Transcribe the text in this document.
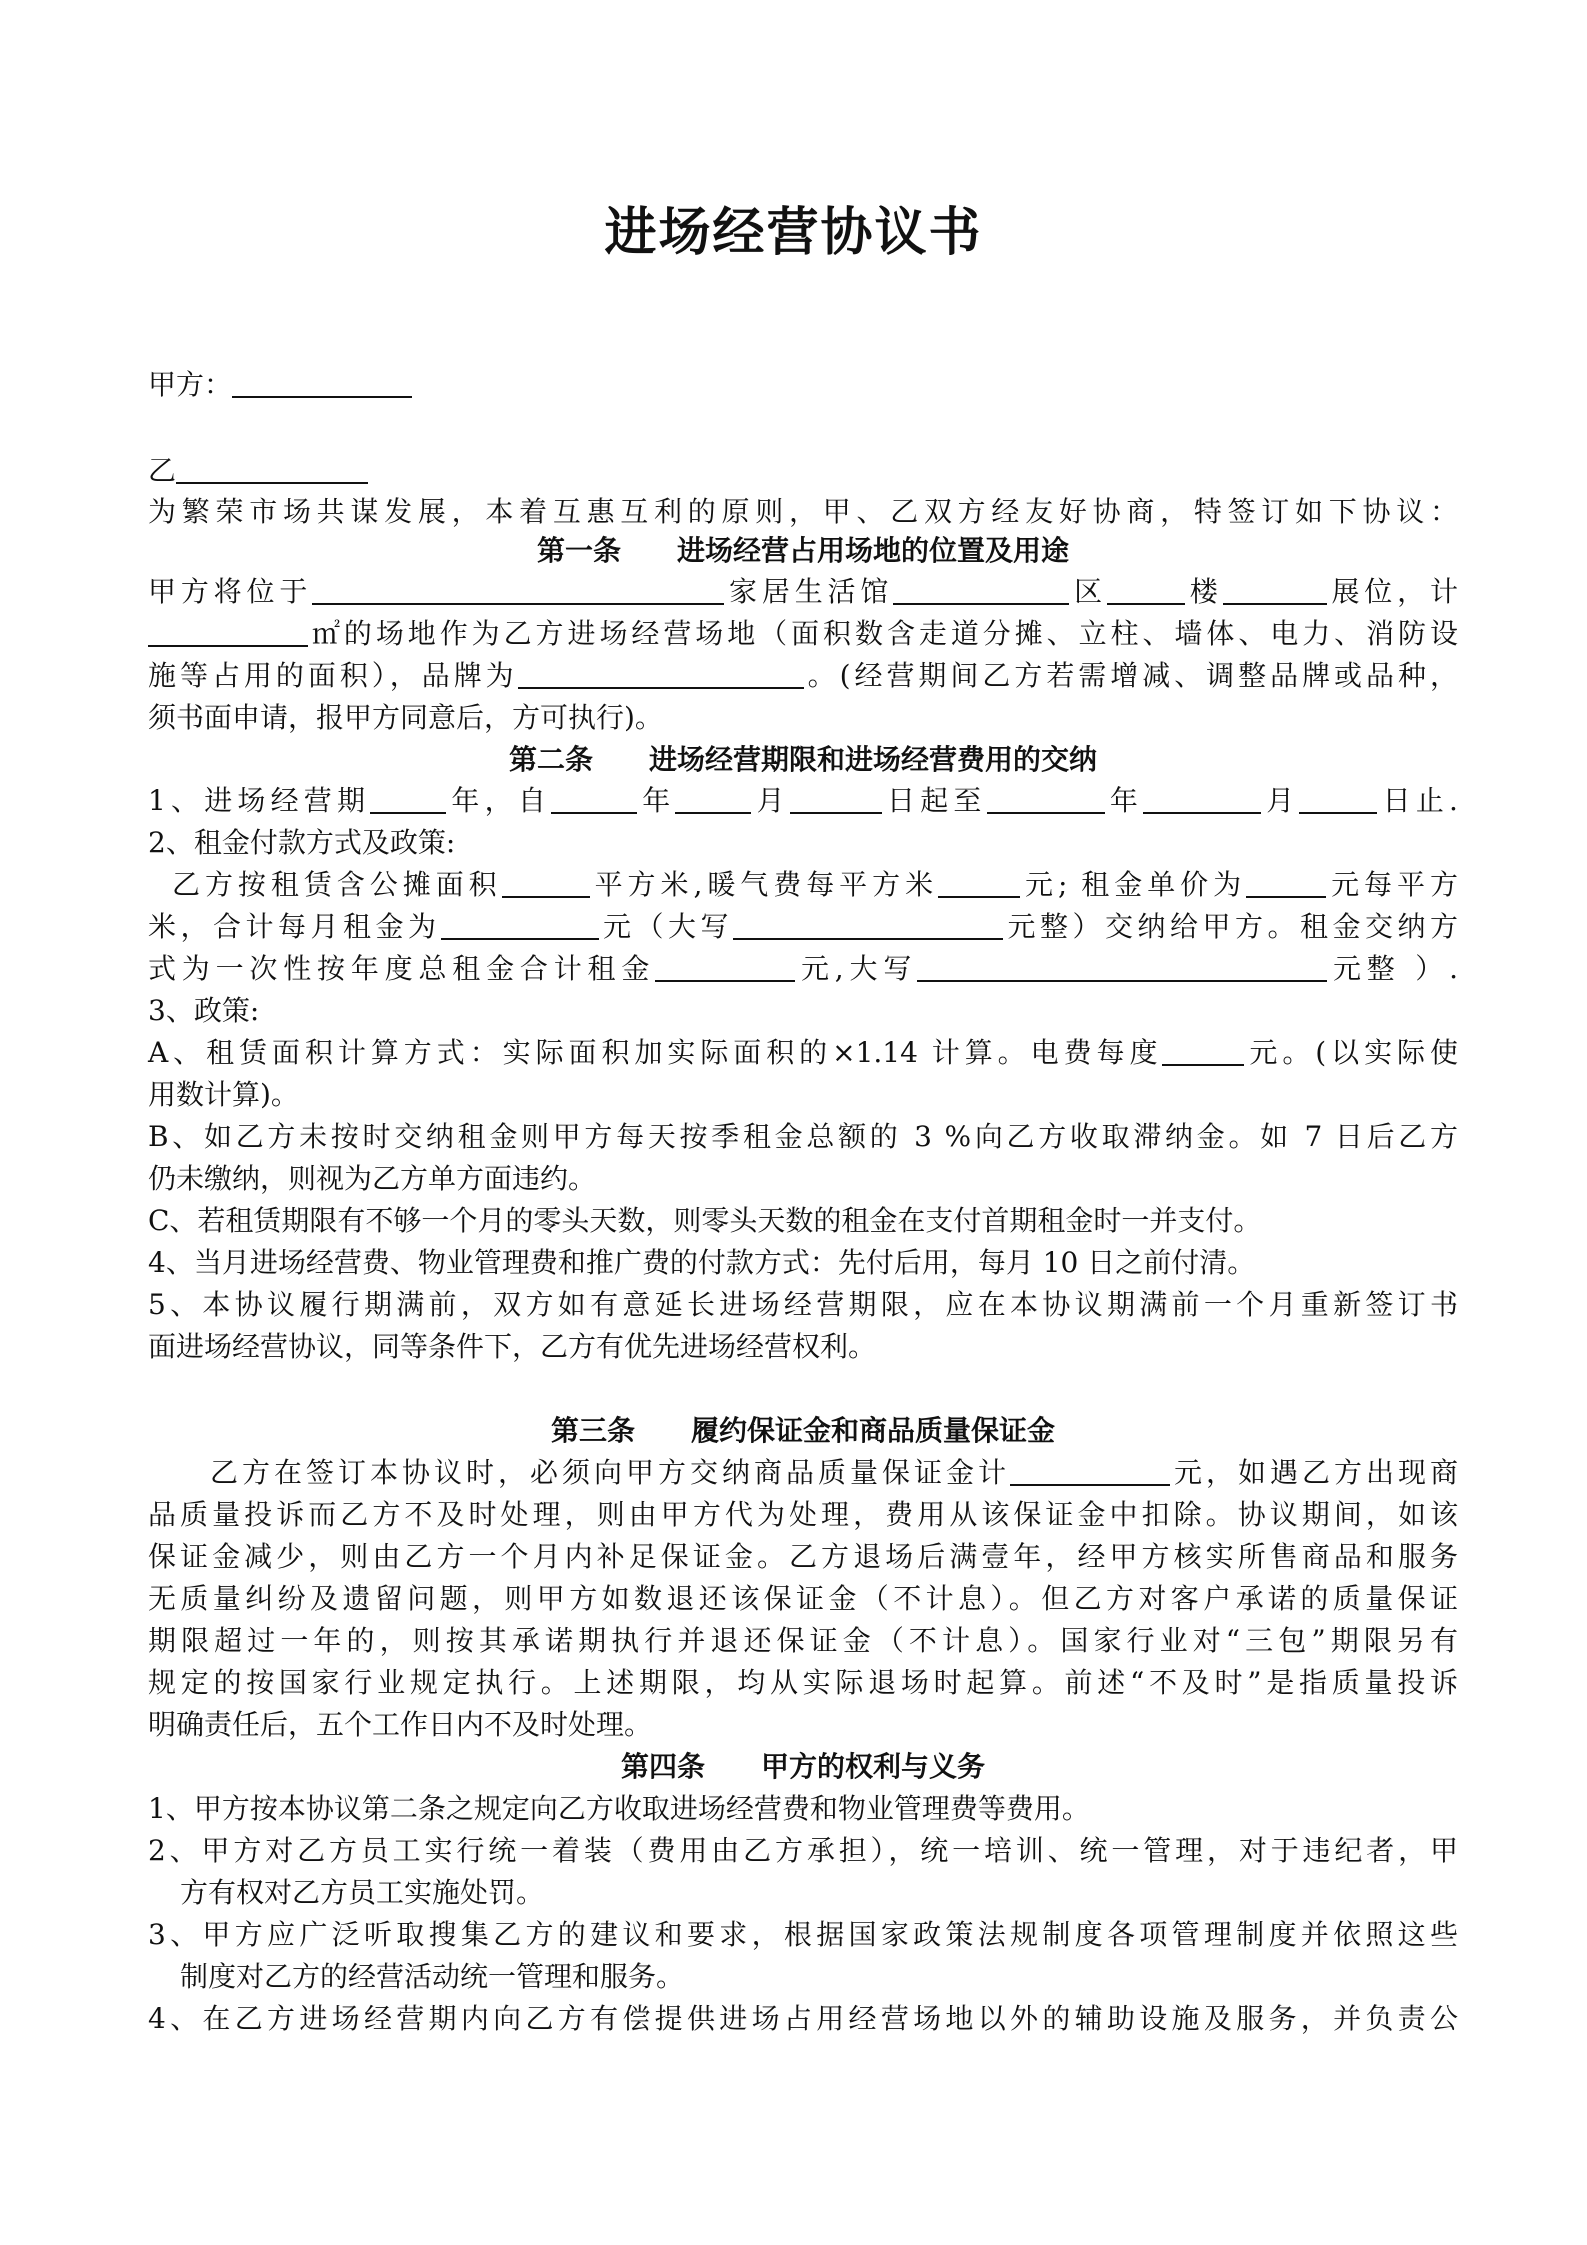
进场经营协议书
甲方：
乙
为繁荣市场共谋发展，本着互惠互利的原则，甲、乙双方经友好协商，特签订如下协议：
第一条　　进场经营占用场地的位置及用途
甲方将位于	家居生活馆	区	楼	展位，计
㎡的场地作为乙方进场经营场地（面积数含走道分摊、立柱、墙体、电力、消防设
施等占用的面积），品牌为	。(经营期间乙方若需增减、调整品牌或品种，
须书面申请，报甲方同意后，方可执行)。
第二条　　进场经营期限和进场经营费用的交纳
1、进场经营期	年，自	年	月	日起至	年	月	日止.
2、租金付款方式及政策:
乙方按租赁含公摊面积	平方米,暖气费每平方米	元; 租金单价为	元每平方
米，合计每月租金为	元（大写	元整）交纳给甲方。租金交纳方
式为一次性按年度总租金合计租金	元,大写	元整 ）.
3、政策:
A、租赁面积计算方式：实际面积加实际面积的×1.14 计算。电费每度	元。(以实际使
用数计算)。
B、如乙方未按时交纳租金则甲方每天按季租金总额的 3 %向乙方收取滞纳金。如 7 日后乙方
仍未缴纳，则视为乙方单方面违约。
C、若租赁期限有不够一个月的零头天数，则零头天数的租金在支付首期租金时一并支付。
4、当月进场经营费、物业管理费和推广费的付款方式：先付后用，每月 10 日之前付清。
5、本协议履行期满前，双方如有意延长进场经营期限，应在本协议期满前一个月重新签订书
面进场经营协议，同等条件下，乙方有优先进场经营权利。
第三条　　履约保证金和商品质量保证金
乙方在签订本协议时，必须向甲方交纳商品质量保证金计	元，如遇乙方出现商
品质量投诉而乙方不及时处理，则由甲方代为处理，费用从该保证金中扣除。协议期间，如该
保证金减少，则由乙方一个月内补足保证金。乙方退场后满壹年，经甲方核实所售商品和服务
无质量纠纷及遗留问题，则甲方如数退还该保证金（不计息）。但乙方对客户承诺的质量保证
期限超过一年的，则按其承诺期执行并退还保证金（不计息）。国家行业对“三包”期限另有
规定的按国家行业规定执行。上述期限，均从实际退场时起算。前述“不及时”是指质量投诉
明确责任后，五个工作日内不及时处理。
第四条　　甲方的权利与义务
1、甲方按本协议第二条之规定向乙方收取进场经营费和物业管理费等费用。
2、甲方对乙方员工实行统一着装（费用由乙方承担），统一培训、统一管理，对于违纪者，甲
方有权对乙方员工实施处罚。
3、甲方应广泛听取搜集乙方的建议和要求，根据国家政策法规制度各项管理制度并依照这些
制度对乙方的经营活动统一管理和服务。
4、在乙方进场经营期内向乙方有偿提供进场占用经营场地以外的辅助设施及服务，并负责公
